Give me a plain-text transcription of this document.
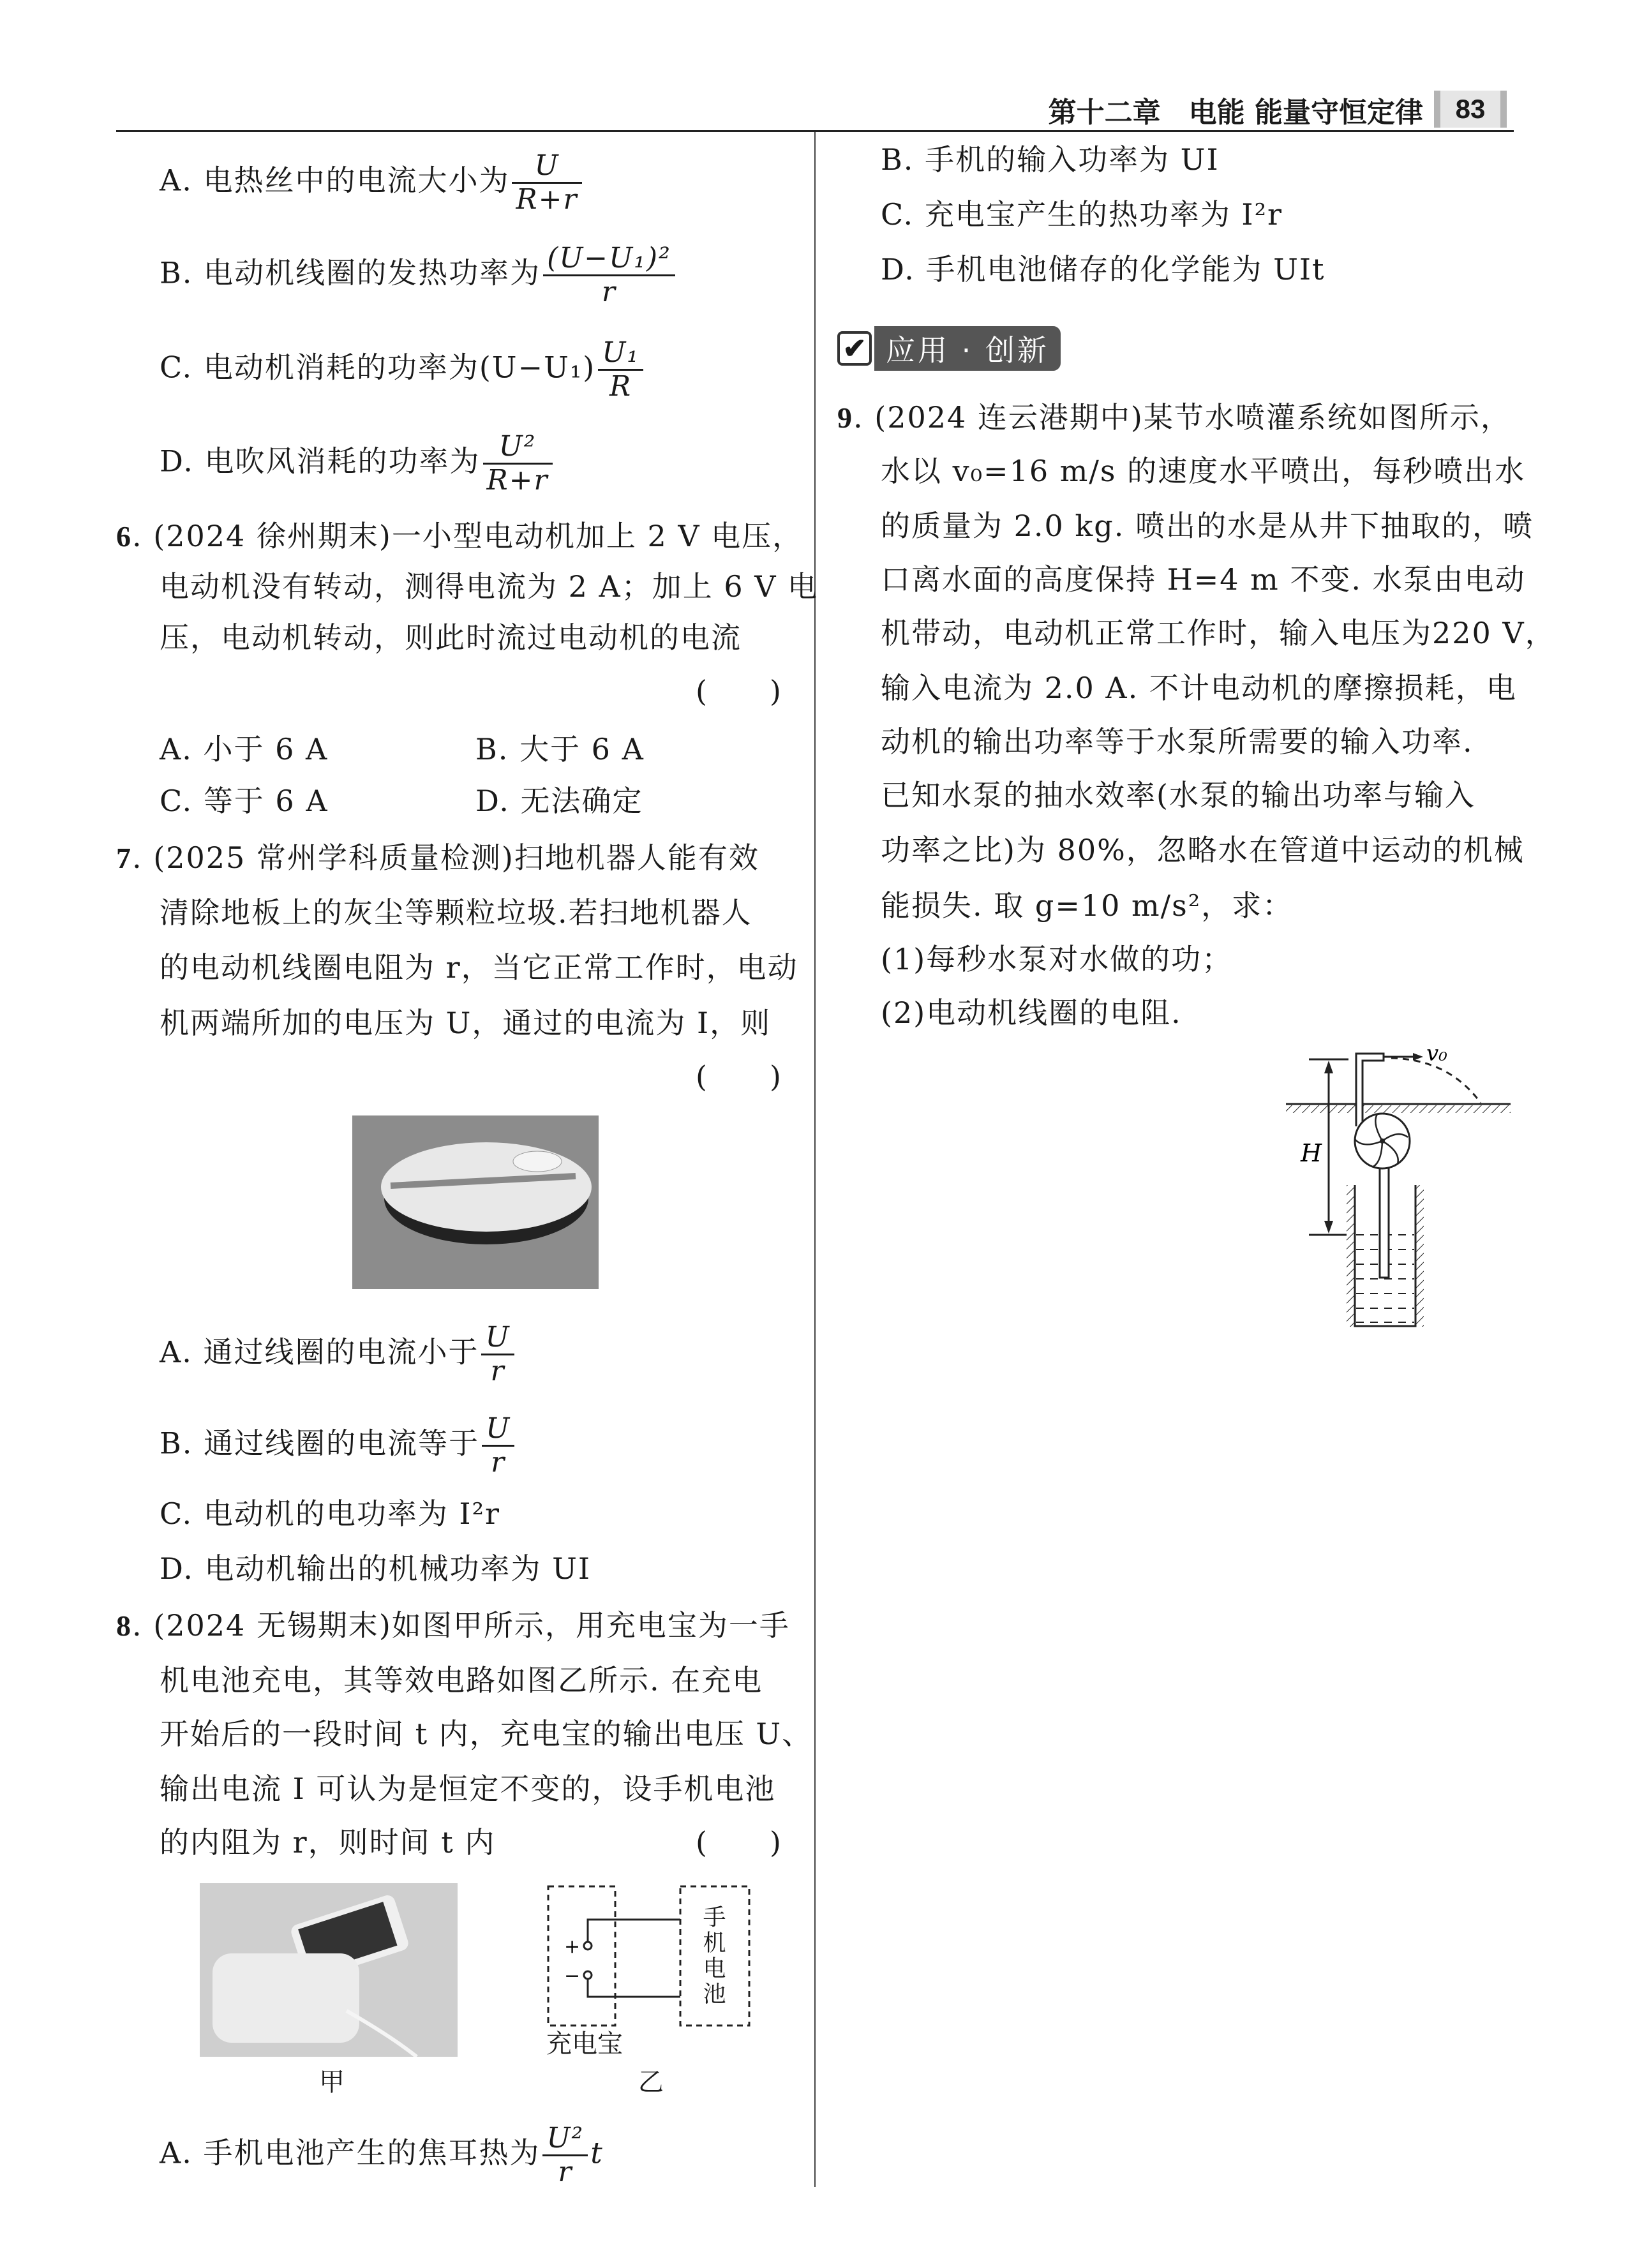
第十二章　电能 能量守恒定律	83
A. 电热丝中的电流大小为 $\frac{U}{R+r}$
B. 电动机线圈的发热功率为 $\frac{\text{(U−U₁)²}}{r}$
C. 电动机消耗的功率为$(U-U_1) \frac{\text{U₁}}{R}$
D. 电吹风消耗的功率为 $\frac{\text{U²}}{R+r}$
6. (2024 徐州期末)一小型电动机加上 2 V 电压，
电动机没有转动，测得电流为 2 A；加上 6 V 电
压，电动机转动，则此时流过电动机的电流
(　　)
A. 小于 6 A	B. 大于 6 A
C. 等于 6 A	D. 无法确定
7. (2025 常州学科质量检测)扫地机器人能有效
清除地板上的灰尘等颗粒垃圾.若扫地机器人
的电动机线圈电阻为 r，当它正常工作时，电动
机两端所加的电压为 U，通过的电流为 I，则
(　　)
A. 通过线圈的电流小于 $\frac{U}{r}$
B. 通过线圈的电流等于 $\frac{U}{r}$
C. 电动机的电功率为 I²r
D. 电动机输出的机械功率为 UI
8. (2024 无锡期末)如图甲所示，用充电宝为一手
机电池充电，其等效电路如图乙所示. 在充电
开始后的一段时间 t 内，充电宝的输出电压 U、
输出电流 I 可认为是恒定不变的，设手机电池
的内阻为 r，则时间 t 内	(　　)
甲
+
−	手机电池
充电宝
乙
A. 手机电池产生的焦耳热为 $\frac{\text{U²}}{r}$ t
B. 手机的输入功率为 UI
C. 充电宝产生的热功率为 I²r
D. 手机电池储存的化学能为 UIt
✔ 应用 · 创新
9. (2024 连云港期中)某节水喷灌系统如图所示，
水以 v₀=16 m/s 的速度水平喷出，每秒喷出水
的质量为 2.0 kg. 喷出的水是从井下抽取的，喷
口离水面的高度保持 H=4 m 不变. 水泵由电动
机带动，电动机正常工作时，输入电压为220 V，
输入电流为 2.0 A. 不计电动机的摩擦损耗，电
动机的输出功率等于水泵所需要的输入功率.
已知水泵的抽水效率(水泵的输出功率与输入
功率之比)为 80%，忽略水在管道中运动的机械
能损失. 取 g=10 m/s²，求：
(1)每秒水泵对水做的功；
(2)电动机线圈的电阻.
v₀
H
